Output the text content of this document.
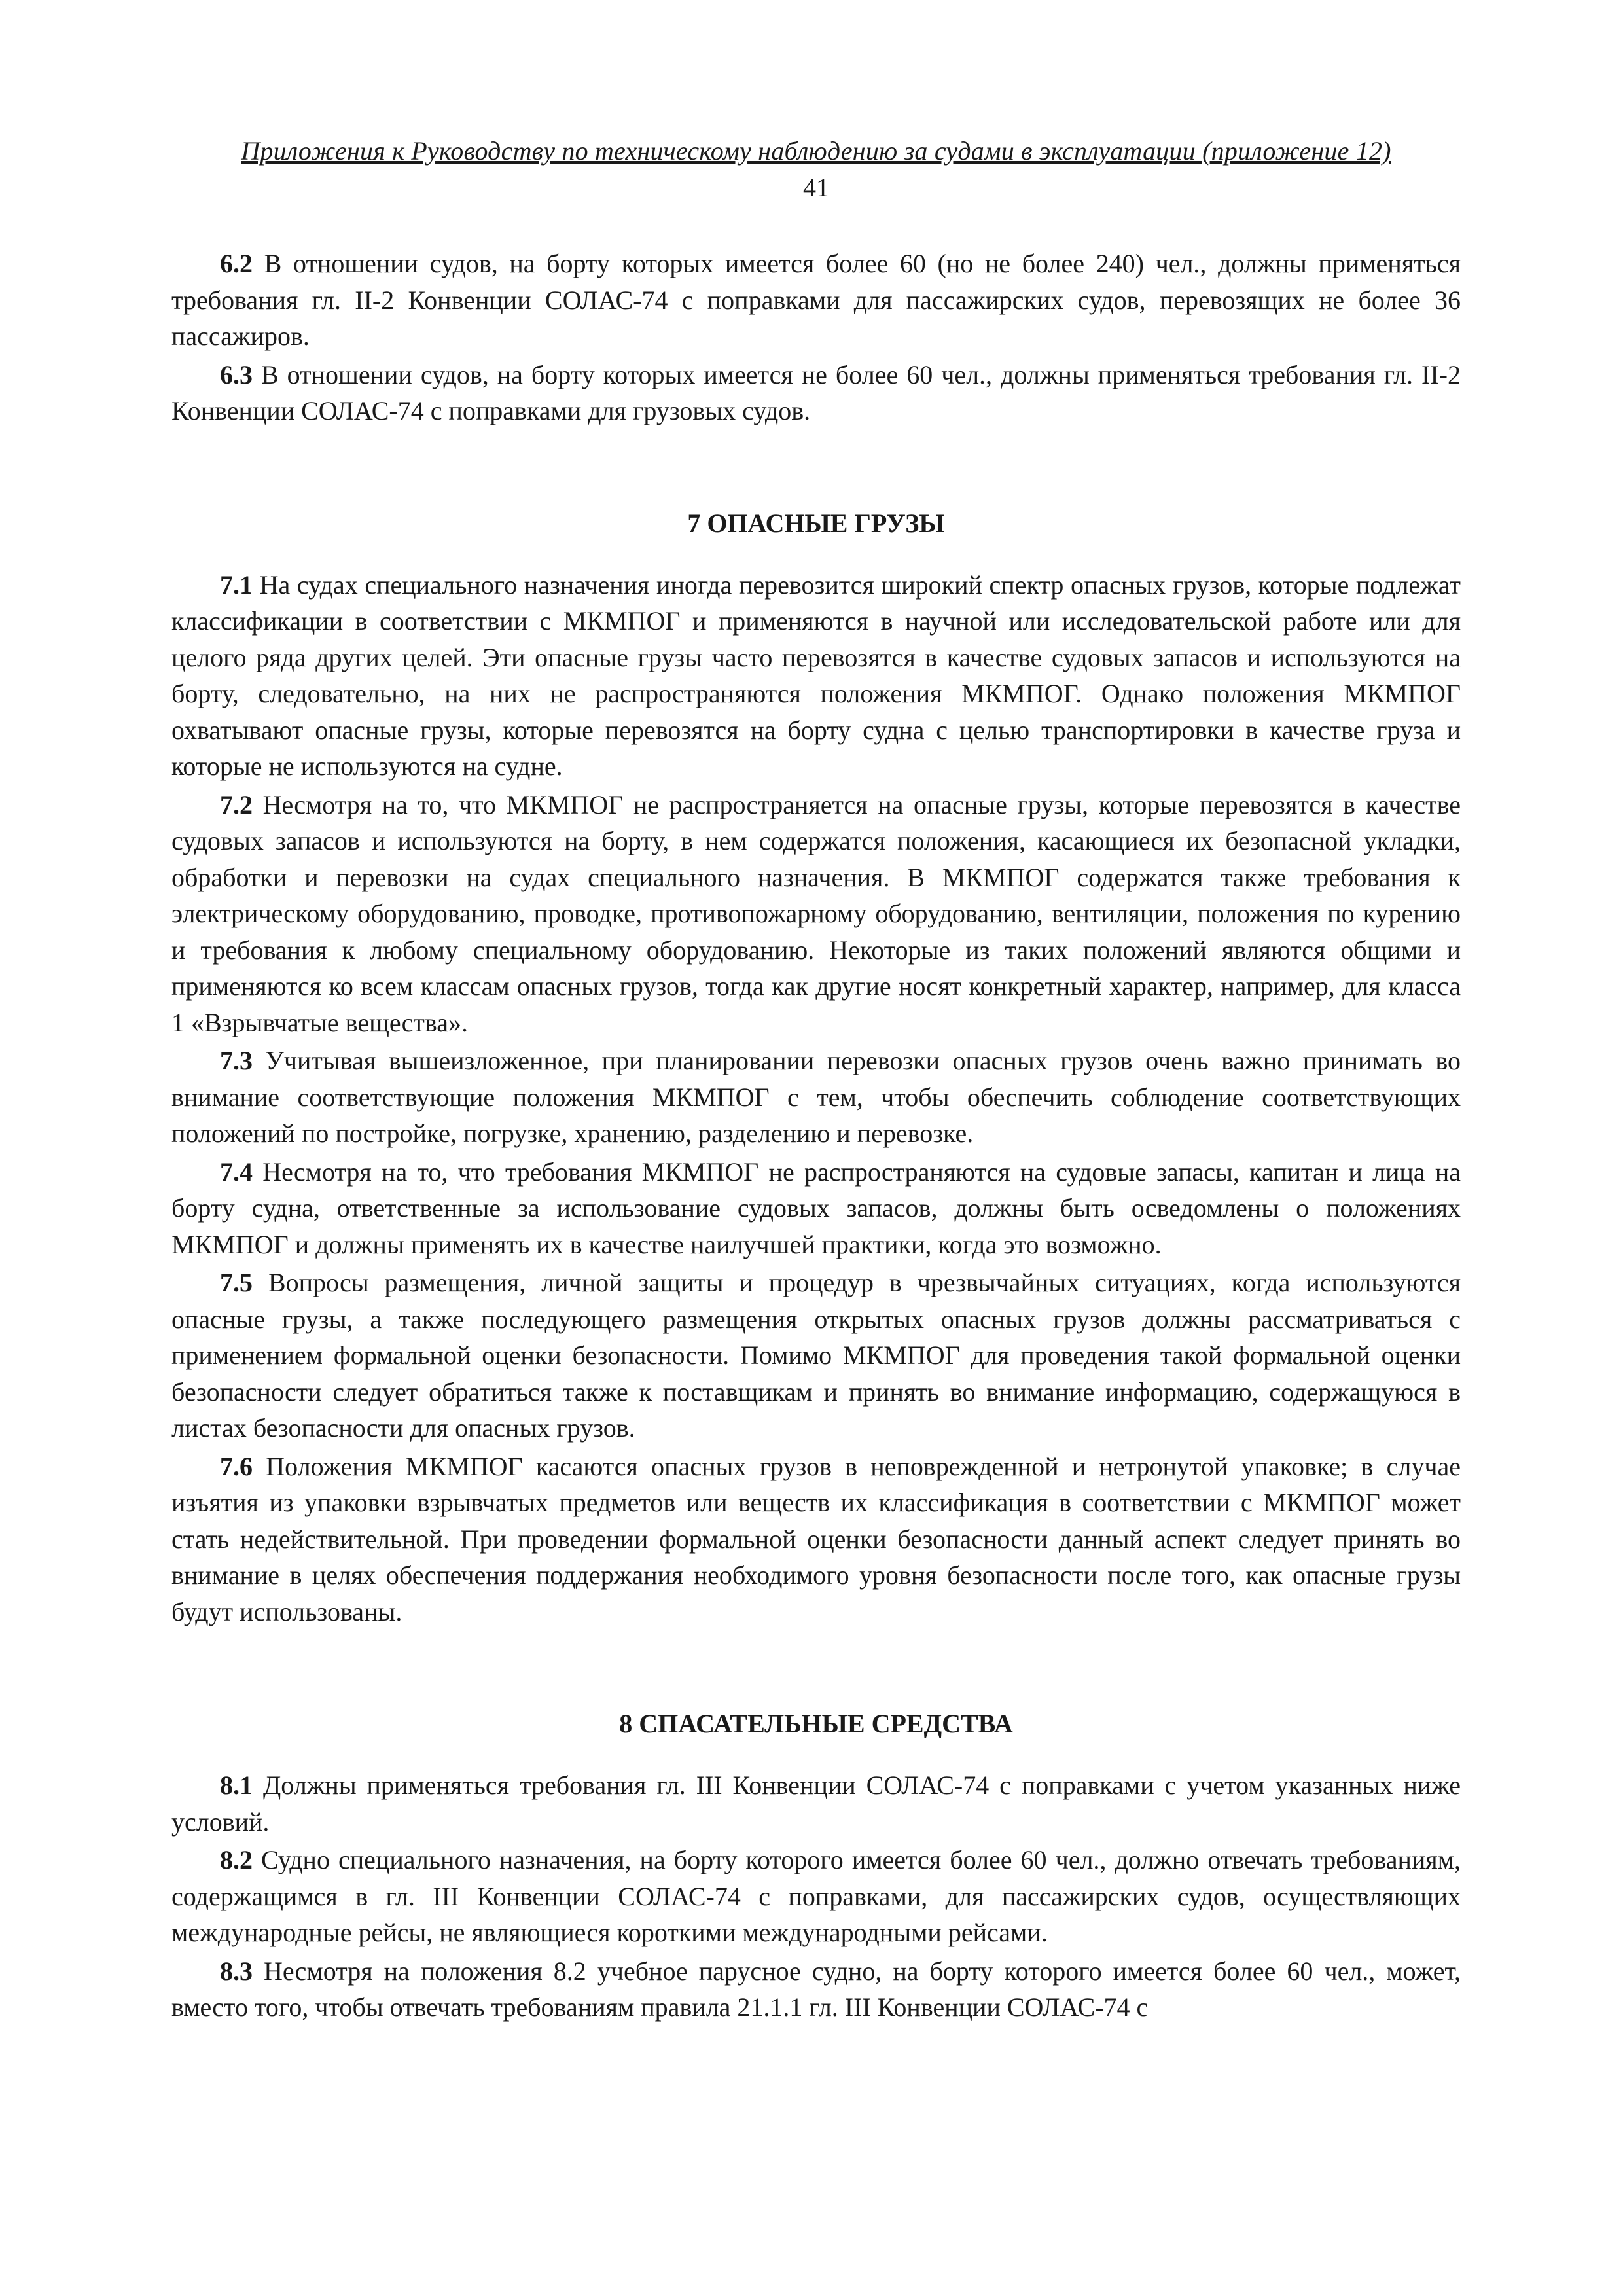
Приложения к Руководству по техническому наблюдению за судами в эксплуатации (приложение 12)
41

6.2 В отношении судов, на борту которых имеется более 60 (но не более 240) чел., должны применяться требования гл. II-2 Конвенции СОЛАС-74 с поправками для пассажирских судов, перевозящих не более 36 пассажиров.

6.3 В отношении судов, на борту которых имеется не более 60 чел., должны применяться требования гл. II-2 Конвенции СОЛАС-74 с поправками для грузовых судов.

7 ОПАСНЫЕ ГРУЗЫ

7.1 На судах специального назначения иногда перевозится широкий спектр опасных грузов, которые подлежат классификации в соответствии с МКМПОГ и применяются в научной или исследовательской работе или для целого ряда других целей. Эти опасные грузы часто перевозятся в качестве судовых запасов и используются на борту, следовательно, на них не распространяются положения МКМПОГ. Однако положения МКМПОГ охватывают опасные грузы, которые перевозятся на борту судна с целью транспортировки в качестве груза и которые не используются на судне.

7.2 Несмотря на то, что МКМПОГ не распространяется на опасные грузы, которые перевозятся в качестве судовых запасов и используются на борту, в нем содержатся положения, касающиеся их безопасной укладки, обработки и перевозки на судах специального назначения. В МКМПОГ содержатся также требования к электрическому оборудованию, проводке, противопожарному оборудованию, вентиляции, положения по курению и требования к любому специальному оборудованию. Некоторые из таких положений являются общими и применяются ко всем классам опасных грузов, тогда как другие носят конкретный характер, например, для класса 1 «Взрывчатые вещества».

7.3 Учитывая вышеизложенное, при планировании перевозки опасных грузов очень важно принимать во внимание соответствующие положения МКМПОГ с тем, чтобы обеспечить соблюдение соответствующих положений по постройке, погрузке, хранению, разделению и перевозке.

7.4 Несмотря на то, что требования МКМПОГ не распространяются на судовые запасы, капитан и лица на борту судна, ответственные за использование судовых запасов, должны быть осведомлены о положениях МКМПОГ и должны применять их в качестве наилучшей практики, когда это возможно.

7.5 Вопросы размещения, личной защиты и процедур в чрезвычайных ситуациях, когда используются опасные грузы, а также последующего размещения открытых опасных грузов должны рассматриваться с применением формальной оценки безопасности. Помимо МКМПОГ для проведения такой формальной оценки безопасности следует обратиться также к поставщикам и принять во внимание информацию, содержащуюся в листах безопасности для опасных грузов.

7.6 Положения МКМПОГ касаются опасных грузов в неповрежденной и нетронутой упаковке; в случае изъятия из упаковки взрывчатых предметов или веществ их классификация в соответствии с МКМПОГ может стать недействительной. При проведении формальной оценки безопасности данный аспект следует принять во внимание в целях обеспечения поддержания необходимого уровня безопасности после того, как опасные грузы будут использованы.

8 СПАСАТЕЛЬНЫЕ СРЕДСТВА

8.1 Должны применяться требования гл. III Конвенции СОЛАС-74 с поправками с учетом указанных ниже условий.

8.2 Судно специального назначения, на борту которого имеется более 60 чел., должно отвечать требованиям, содержащимся в гл. III Конвенции СОЛАС-74 с поправками, для пассажирских судов, осуществляющих международные рейсы, не являющиеся короткими международными рейсами.

8.3 Несмотря на положения 8.2 учебное парусное судно, на борту которого имеется более 60 чел., может, вместо того, чтобы отвечать требованиям правила 21.1.1 гл. III Конвенции СОЛАС-74 с
